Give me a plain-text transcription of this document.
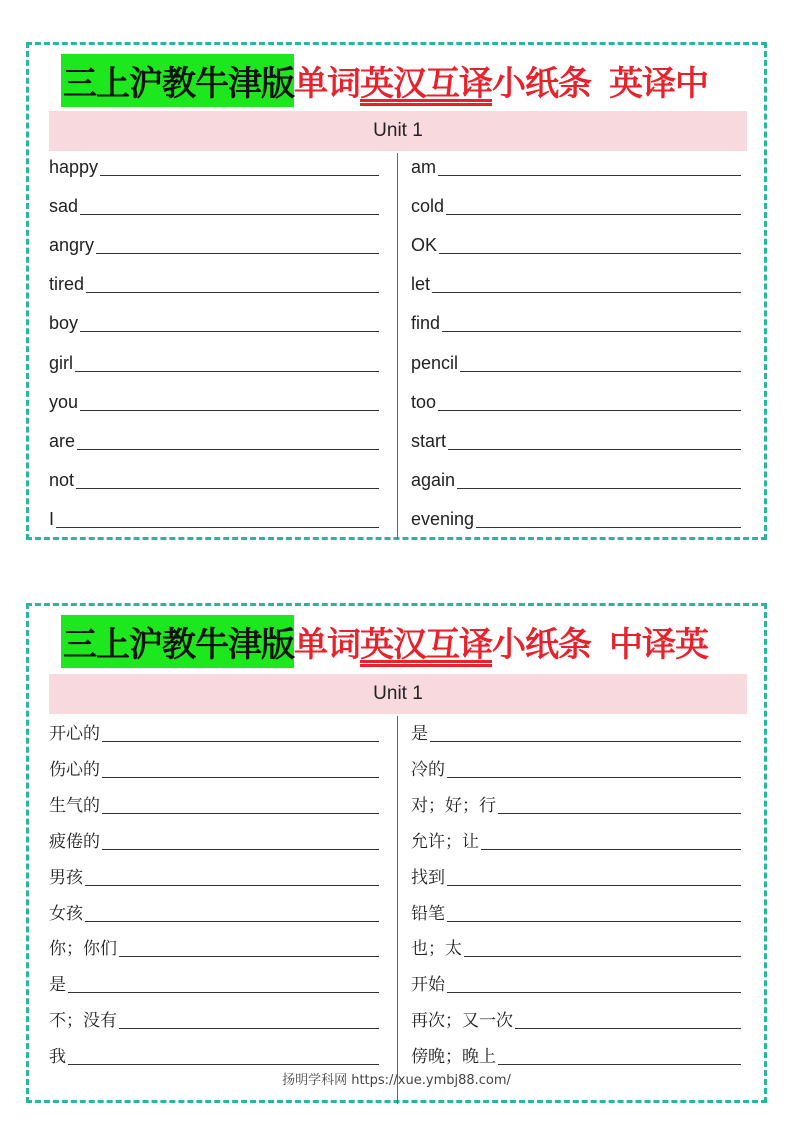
三上沪教牛津版 单词 英汉互译 小纸条 英译中
Unit 1
happy
sad
angry
tired
boy
girl
you
are
not
I
am
cold
OK
let
find
pencil
too
start
again
evening
三上沪教牛津版 单词 英汉互译 小纸条 中译英
Unit 1
开心的
伤心的
生气的
疲倦的
男孩
女孩
你；你们
是
不；没有
我
是
冷的
对；好；行
允许；让
找到
铅笔
也；太
开始
再次；又一次
傍晚；晚上
扬明学科网 https://xue.ymbj88.com/
